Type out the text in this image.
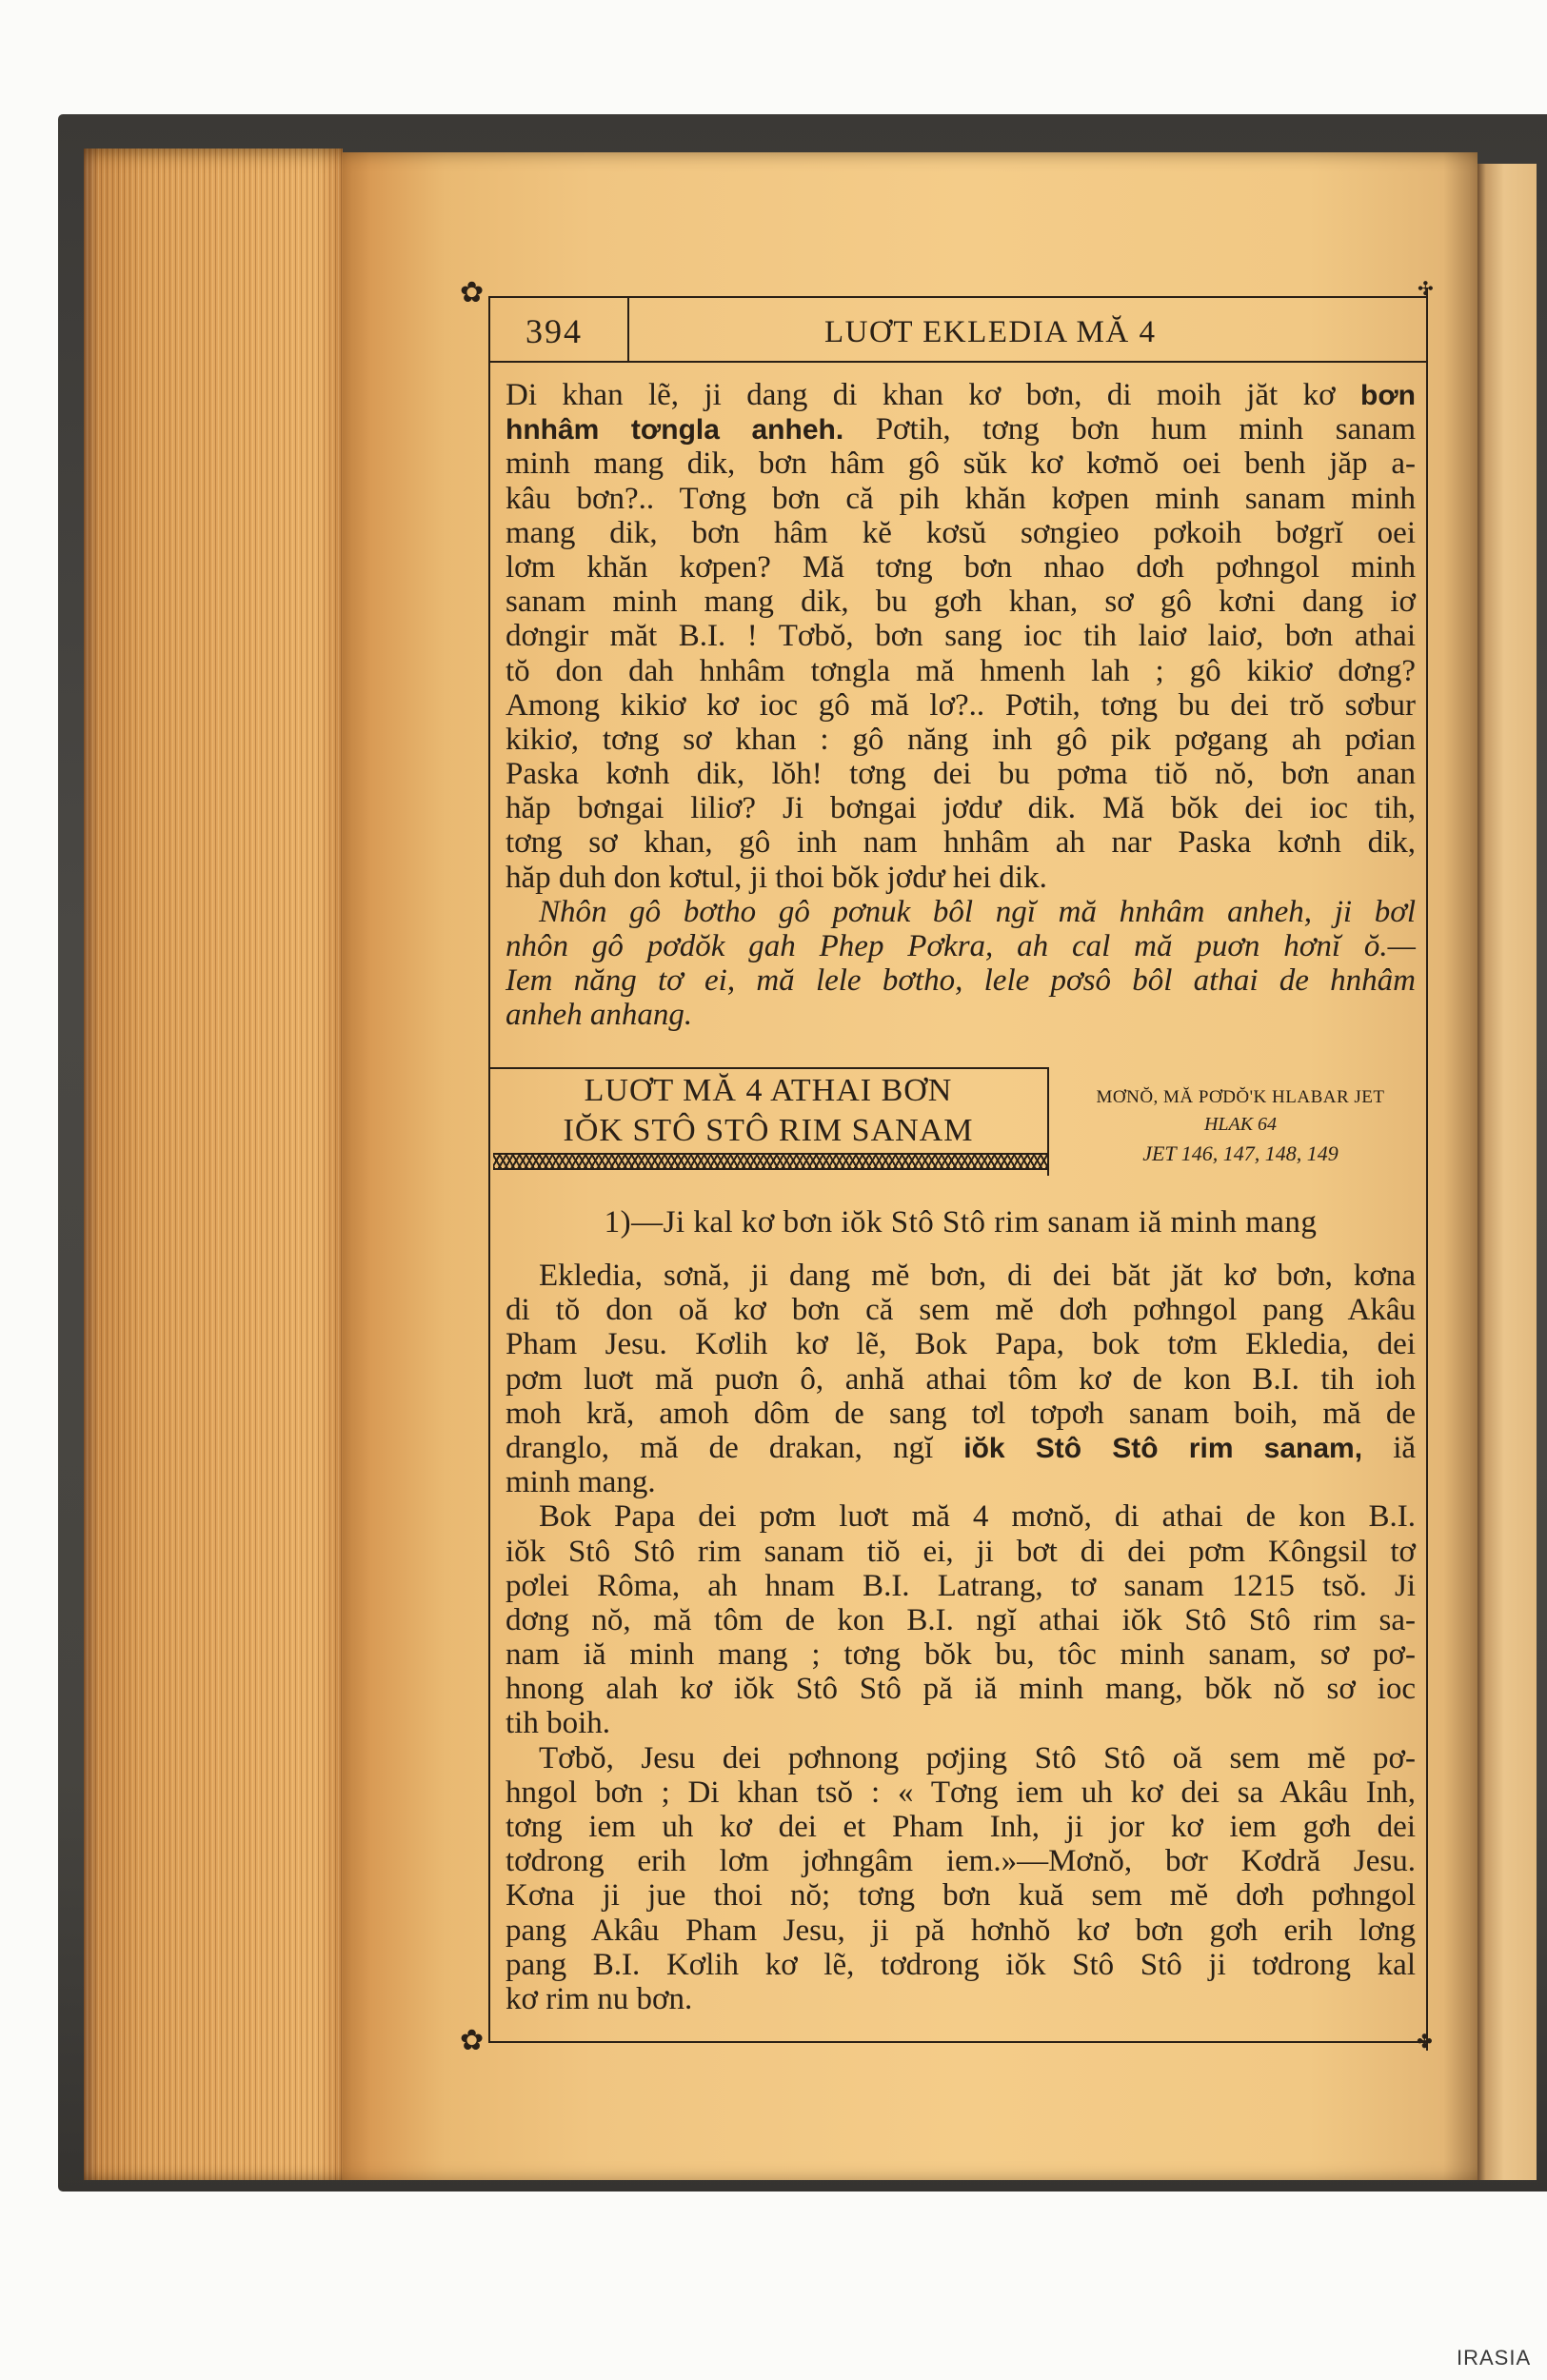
✿	✣
✿	✤
394	LUƠT EKLEDIA MĂ 4
Di khan lẽ, ji dang di khan kơ bơn, di moih jăt kơ bơn
hnhâm tơngla anheh. Pơtih, tơng bơn hum minh sanam
minh mang dik, bơn hâm gô sŭk kơ kơmŏ oei benh jăp a-
kâu bơn?.. Tơng bơn că pih khăn kơpen minh sanam minh
mang dik, bơn hâm kĕ kơsŭ sơngieo pơkoih bơgrĭ oei
lơm khăn kơpen? Mă tơng bơn nhao dơh pơhngol minh
sanam minh mang dik, bu gơh khan, sơ gô kơni dang iơ
dơngir măt B.I. ! Tơbŏ, bơn sang ioc tih laiơ laiơ, bơn athai
tŏ don dah hnhâm tơngla mă hmenh lah ; gô kikiơ dơng?
Among kikiơ kơ ioc gô mă lơ?.. Pơtih, tơng bu dei trŏ sơbur
kikiơ, tơng sơ khan : gô năng inh gô pik pơgang ah pơian
Paska kơnh dik, lŏh! tơng dei bu pơma tiŏ nŏ, bơn anan
hăp bơngai liliơ? Ji bơngai jơdư dik. Mă bŏk dei ioc tih,
tơng sơ khan, gô inh nam hnhâm ah nar Paska kơnh dik,
hăp duh don kơtul, ji thoi bŏk jơdư hei dik.
Nhôn gô bơtho gô pơnuk bôl ngĭ mă hnhâm anheh, ji bơl
nhôn gô pơdŏk gah Phep Pơkra, ah cal mă puơn hơnĭ ŏ.—
Iem năng tơ ei, mă lele bơtho, lele pơsô bôl athai de hnhâm
anheh anhang.
LUƠT MĂ 4 ATHAI BƠN
IŎK STÔ STÔ RIM SANAM
MƠNŎ, MĂ PƠDŎ'K HLABAR JET
HLAK 64
JET 146, 147, 148, 149
1)—Ji kal kơ bơn iŏk Stô Stô rim sanam iă minh mang
Ekledia, sơnă, ji dang mĕ bơn, di dei băt jăt kơ bơn, kơna
di tŏ don oă kơ bơn că sem mĕ dơh pơhngol pang Akâu
Pham Jesu. Kơlih kơ lẽ, Bok Papa, bok tơm Ekledia, dei
pơm luơt mă puơn ô, anhă athai tôm kơ de kon B.I. tih ioh
moh kră, amoh dôm de sang tơl tơpơh sanam boih, mă de
dranglo, mă de drakan, ngĭ iŏk Stô Stô rim sanam, iă
minh mang.
Bok Papa dei pơm luơt mă 4 mơnŏ, di athai de kon B.I.
iŏk Stô Stô rim sanam tiŏ ei, ji bơt di dei pơm Kôngsil tơ
pơlei Rôma, ah hnam B.I. Latrang, tơ sanam 1215 tsŏ. Ji
dơng nŏ, mă tôm de kon B.I. ngĭ athai iŏk Stô Stô rim sa-
nam iă minh mang ; tơng bŏk bu, tôc minh sanam, sơ pơ-
hnong alah kơ iŏk Stô Stô pă iă minh mang, bŏk nŏ sơ ioc
tih boih.
Tơbŏ, Jesu dei pơhnong pơjing Stô Stô oă sem mĕ pơ-
hngol bơn ; Di khan tsŏ : « Tơng iem uh kơ dei sa Akâu Inh,
tơng iem uh kơ dei et Pham Inh, ji jor kơ iem gơh dei
tơdrong erih lơm jơhngâm iem.»—Mơnŏ, bơr Kơdră Jesu.
Kơna ji jue thoi nŏ; tơng bơn kuă sem mĕ dơh pơhngol
pang Akâu Pham Jesu, ji pă hơnhŏ kơ bơn gơh erih lơng
pang B.I. Kơlih kơ lẽ, tơdrong iŏk Stô Stô ji tơdrong kal
kơ rim nu bơn.
IRASIA
